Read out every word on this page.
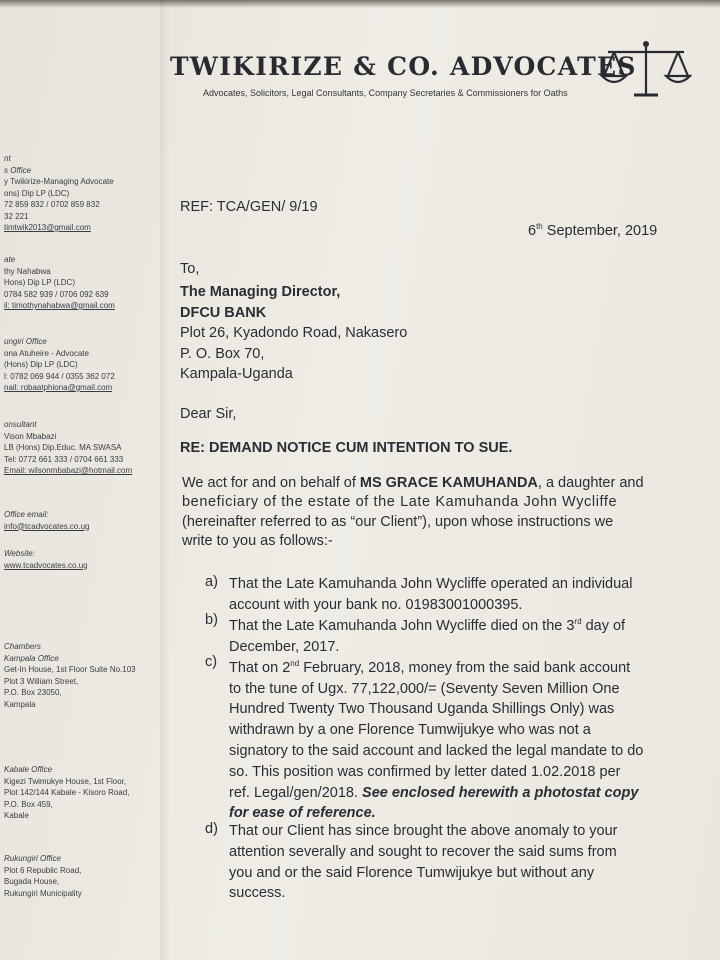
TWIKIRIZE & CO. ADVOCATES
Advocates, Solicitors, Legal Consultants, Company Secretaries & Commissioners for Oaths
nt
s Office
y Twikirize-Managing Advocate
ons) Dip LP (LDC)
72 859 832 / 0702 859 832
32 221
timtwik2013@gmail.com
ate
thy Nahabwa
Hons) Dip LP (LDC)
0784 582 939 / 0706 092 639
il: timothynahabwa@gmail.com
ungiri Office
ona Atuheire - Advocate
(Hons) Dip LP (LDC)
l: 0782 069 944 / 0355 362 072
nail: robaatphiona@gmail.com
onsultant
Vison Mbabazi
LB (Hons) Dip.Educ. MA SWASA
Tel: 0772 661 333 / 0704 661 333
Email: wilsonmbabazi@hotmail.com
Office email:
info@tcadvocates.co.ug
Website:
www.tcadvocates.co.ug
Chambers
Kampala Office
Get-In House, 1st Floor Suite No.103
Plot 3 William Street,
P.O. Box 23050,
Kampala
Kabale Office
Kigezi Twimukye House, 1st Floor,
Plot 142/144 Kabale - Kisoro Road,
P.O. Box 459,
Kabale
Rukungiri Office
Plot 6 Republic Road,
Bugada House,
Rukungiri Municipality
REF: TCA/GEN/ 9/19
6th September, 2019
To,
The Managing Director,
DFCU BANK
Plot 26, Kyadondo Road, Nakasero
P. O. Box 70,
Kampala-Uganda
Dear Sir,
RE: DEMAND NOTICE CUM INTENTION TO SUE.
We act for and on behalf of MS GRACE KAMUHANDA, a daughter and
beneficiary of the estate of the Late Kamuhanda John Wycliffe
(hereinafter referred to as “our Client”), upon whose instructions we
write to you as follows:-
a) That the Late Kamuhanda John Wycliffe operated an individual
account with your bank no. 01983001000395.
b) That the Late Kamuhanda John Wycliffe died on the 3rd day of
December, 2017.
c) That on 2nd February, 2018, money from the said bank account
to the tune of Ugx. 77,122,000/= (Seventy Seven Million One
Hundred Twenty Two Thousand Uganda Shillings Only) was
withdrawn by a one Florence Tumwijukye who was not a
signatory to the said account and lacked the legal mandate to do
so. This position was confirmed by letter dated 1.02.2018 per
ref. Legal/gen/2018. See enclosed herewith a photostat copy
for ease of reference.
d) That our Client has since brought the above anomaly to your
attention severally and sought to recover the said sums from
you and or the said Florence Tumwijukye but without any
success.
